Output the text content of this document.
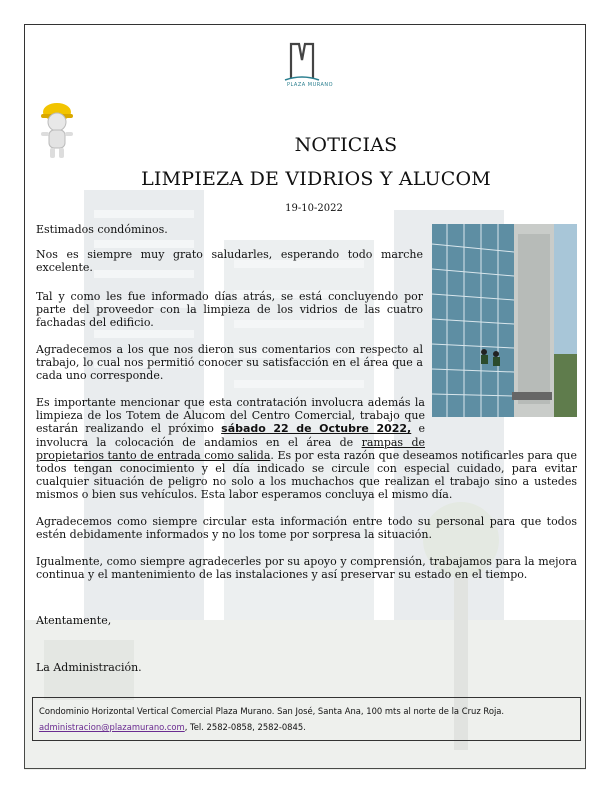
PLAZA MURANO
NOTICIAS
LIMPIEZA DE VIDRIOS Y ALUCOM
19-10-2022
Estimados condóminos.
Nos es siempre muy grato saludarles, esperando todo marche excelente.
Tal y como les fue informado días atrás, se está concluyendo por parte del proveedor con la limpieza de los vidrios de las cuatro fachadas del edificio.
Agradecemos a los que nos dieron sus comentarios con respecto al trabajo, lo cual nos permitió conocer su satisfacción en el área que a cada uno corresponde.
Es importante mencionar que esta contratación involucra además la limpieza de los Totem de Alucom del Centro Comercial, trabajo que estarán realizando el próximo sábado 22 de Octubre 2022, e involucra la colocación de andamios en el área de rampas de propietarios tanto de entrada como salida. Es por esta razón que deseamos notificarles para que todos tengan conocimiento y el día indicado se circule con especial cuidado, para evitar cualquier situación de peligro no solo a los muchachos que realizan el trabajo sino a ustedes mismos o bien sus vehículos. Esta labor esperamos concluya el mismo día.
Agradecemos como siempre circular esta información entre todo su personal para que todos estén debidamente informados y no los tome por sorpresa la situación.
Igualmente, como siempre agradecerles por su apoyo y comprensión, trabajamos para la mejora continua y el mantenimiento de las instalaciones y así preservar su estado en el tiempo.
Atentamente,
La Administración.
Condominio Horizontal Vertical Comercial Plaza Murano. San José, Santa Ana, 100 mts al norte de la Cruz Roja.
administracion@plazamurano.com, Tel. 2582-0858, 2582-0845.
